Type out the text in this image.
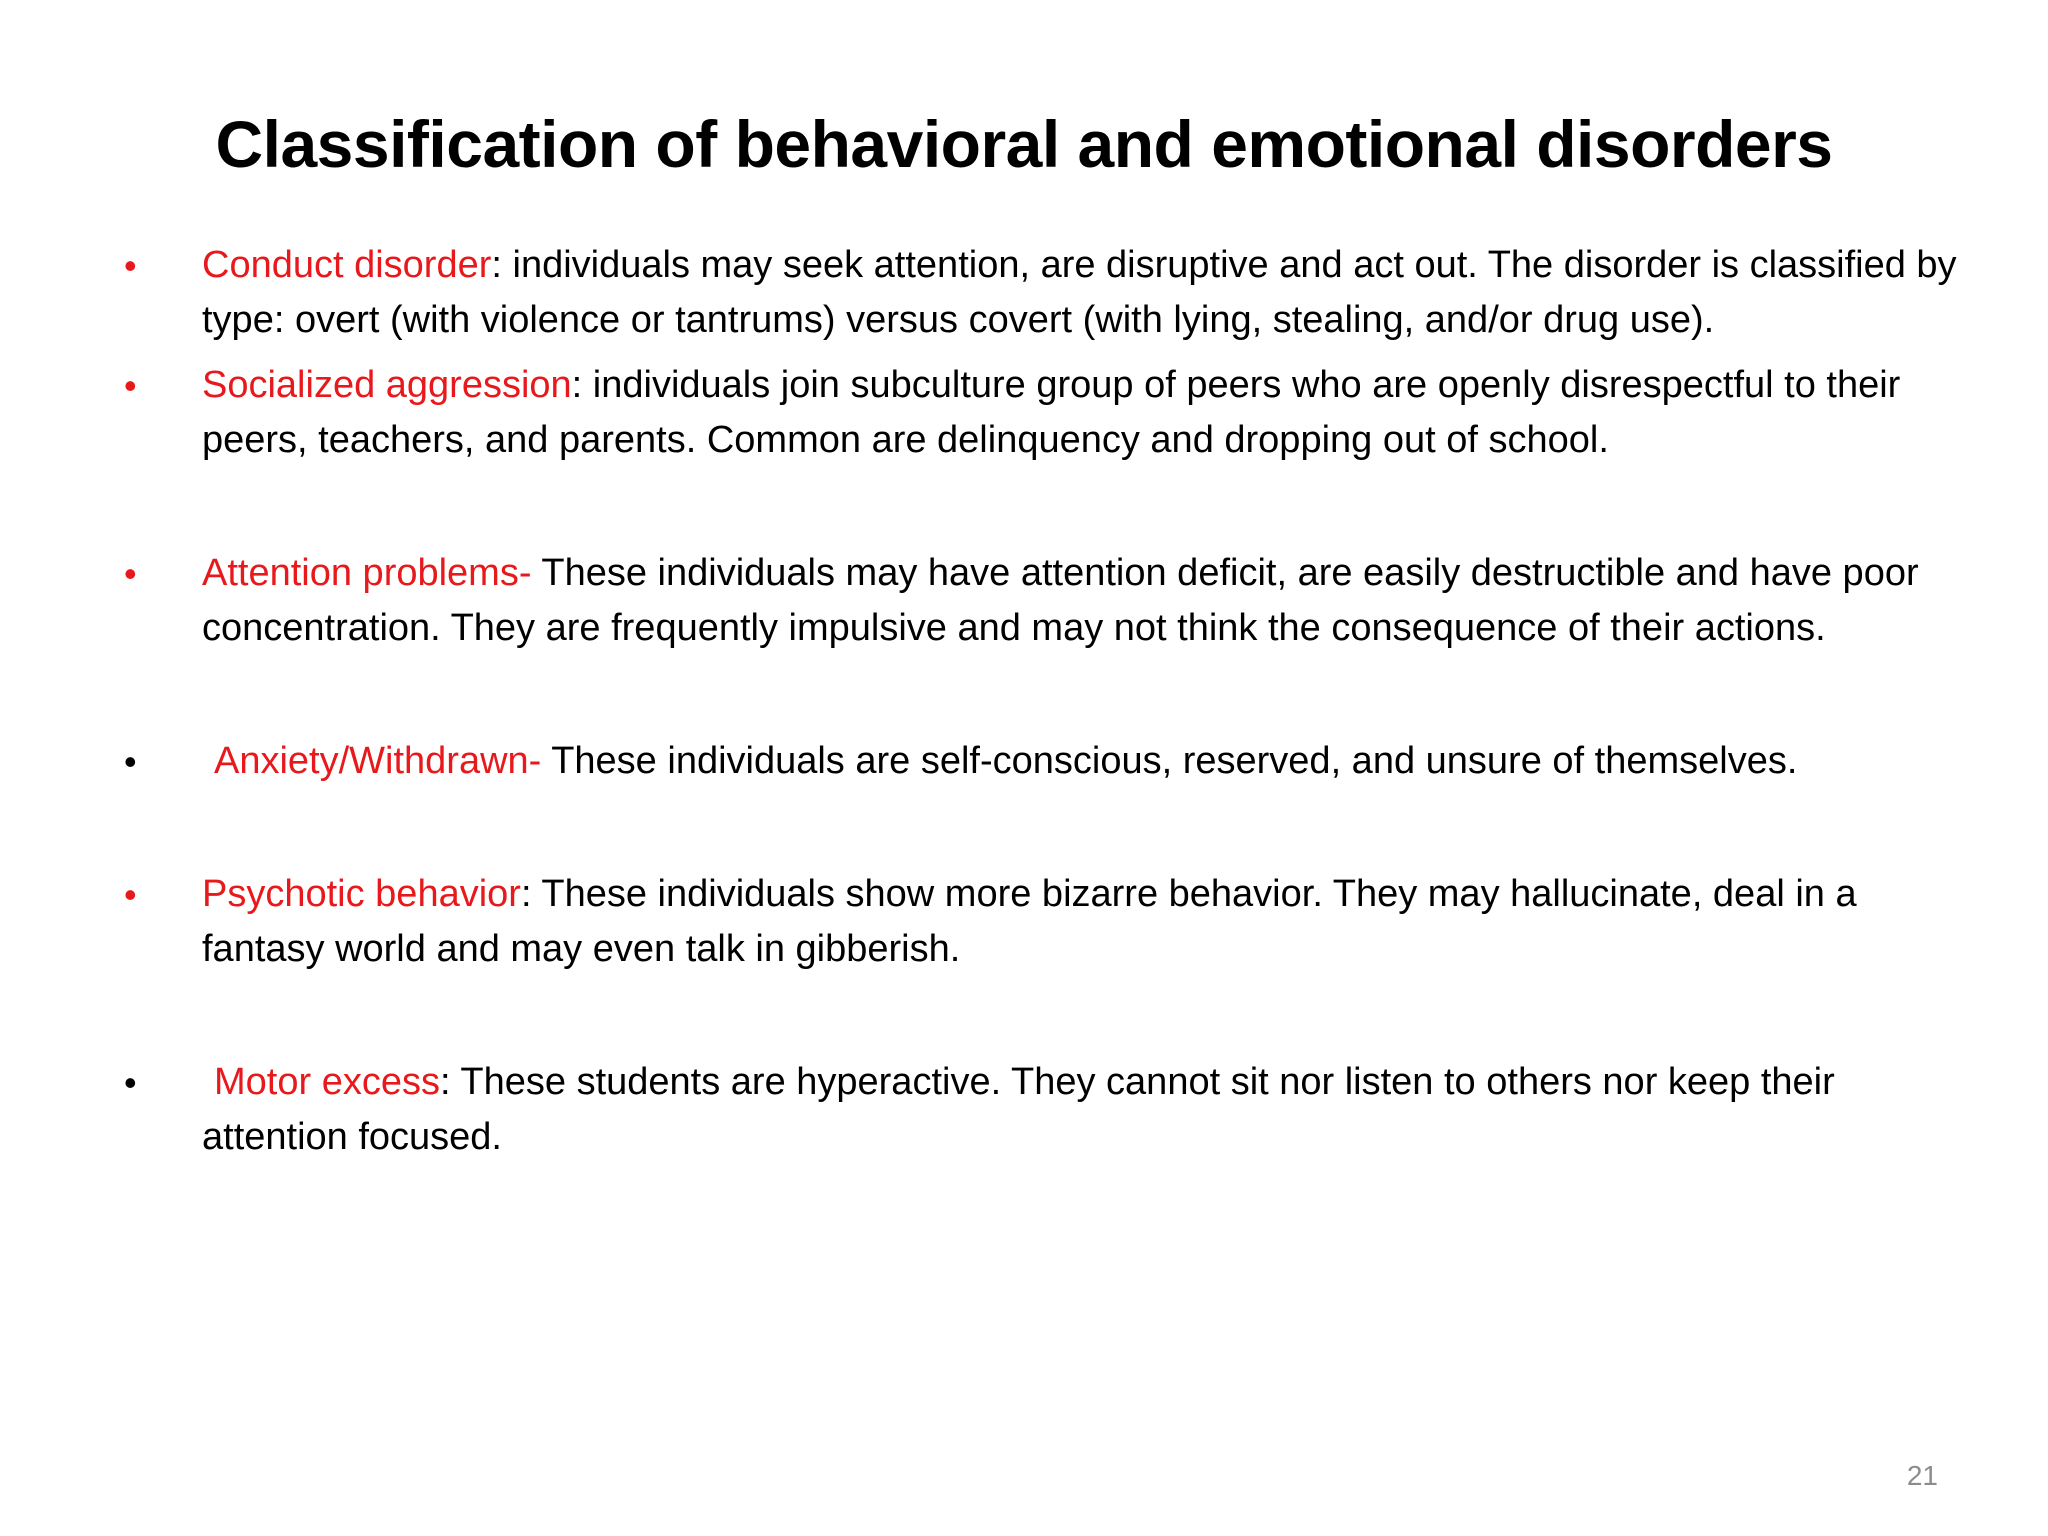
Classification of behavioral and emotional disorders
• Conduct disorder: individuals may seek attention, are disruptive and act out. The disorder is classified by type: overt (with violence or tantrums) versus covert (with lying, stealing, and/or drug use).
• Socialized aggression: individuals join subculture group of peers who are openly disrespectful to their peers, teachers, and parents. Common are delinquency and dropping out of school.
• Attention problems- These individuals may have attention deficit, are easily destructible and have poor concentration. They are frequently impulsive and may not think the consequence of their actions.
• Anxiety/Withdrawn- These individuals are self-conscious, reserved, and unsure of themselves.
• Psychotic behavior: These individuals show more bizarre behavior. They may hallucinate, deal in a fantasy world and may even talk in gibberish.
• Motor excess: These students are hyperactive. They cannot sit nor listen to others nor keep their attention focused.
21
